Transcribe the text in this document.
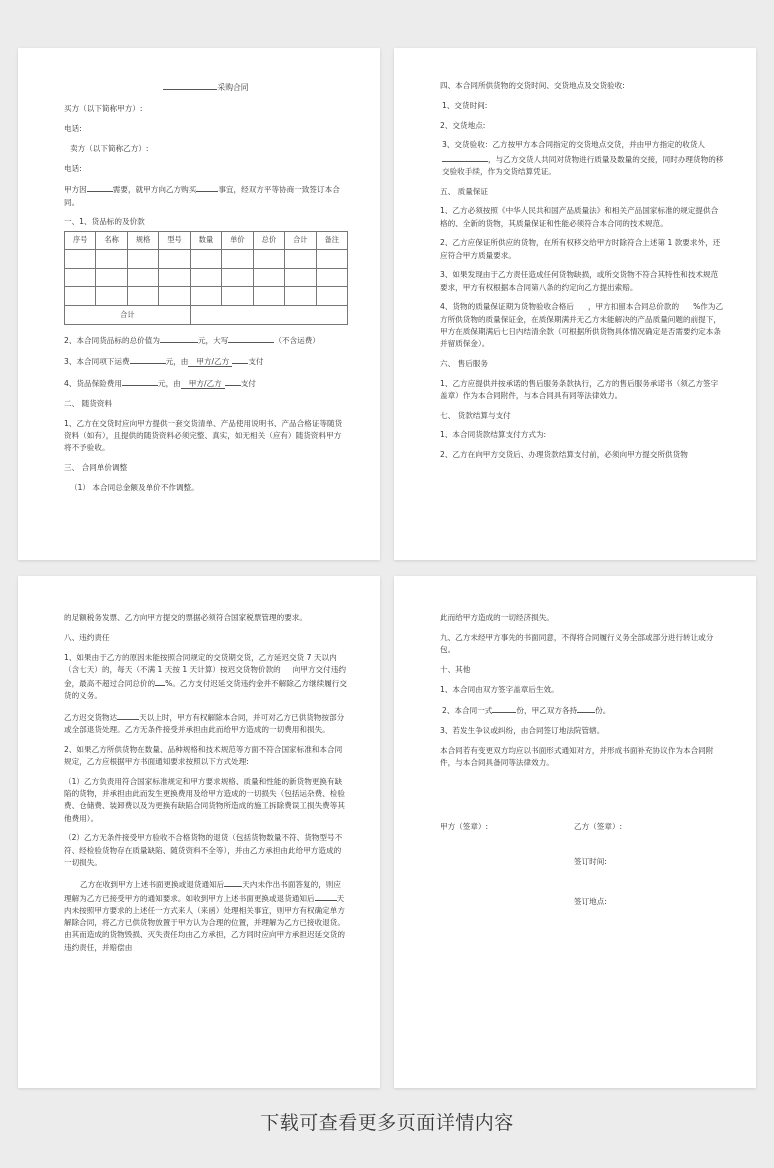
采购合同
买方（以下简称甲方）:
电话:
卖方（以下简称乙方）:
电话:
甲方因	需要，就甲方向乙方购买	事宜，经双方平等协商一致签订本合同。
一、1、货品标的及价款
序号	名称	规格	型号	数量	单价	总价	合计	备注

合计								
2、本合同货品标的总价值为	元，大写	（不含运费）
3、本合同项下运费	元，由 甲方/乙方	支付
4、货品保险费用	元，由 甲方/乙方	支付
二、 随货资料
1、乙方在交货时应向甲方提供一套交货清单、产品使用说明书、产品合格证等随货资料（如有），且提供的随货资料必须完整、真实，如无相关（应有）随货资料甲方将不予验收。
三、 合同单价调整
（1） 本合同总金额及单价不作调整。
四、本合同所供货物的交货时间、交货地点及交货验收:
1、交货时间:
2、交货地点:
3、交货验收：乙方按甲方本合同指定的交货地点交货，并由甲方指定的收货人，与乙方交货人共同对货物进行质量及数量的交接，同时办理货物的移交验收手续，作为交货结算凭证。
五、 质量保证
1、乙方必须按照《中华人民共和国产品质量法》和相关产品国家标准的规定提供合格的、全新的货物，其质量保证和性能必须符合本合同的技术规范。
2、乙方应保证所供应的货物，在所有权移交给甲方时除符合上述第 1 款要求外，还应符合甲方质量要求。
3、如果发现由于乙方责任造成任何货物缺损，或所交货物不符合其特性和技术规范要求，甲方有权根据本合同第八条的约定向乙方提出索赔。
4、货物的质量保证期为货物验收合格后 ，甲方扣留本合同总价款的 %作为乙方所供货物的质量保证金，在质保期满并无乙方未能解决的产品质量问题的前提下，甲方在质保期满后七日内结清余款（可根据所供货物具体情况确定是否需要约定本条并留质保金）。
六、 售后服务
1、乙方应提供并按承诺的售后服务条款执行，乙方的售后服务承诺书（须乙方签字盖章）作为本合同附件，与本合同具有同等法律效力。
七、 货款结算与支付
1、本合同货款结算支付方式为:
2、乙方在向甲方交货后、办理货款结算支付前，必须向甲方提交所供货物
的足额税务发票、乙方向甲方提交的票据必须符合国家税票管理的要求。
八、违约责任
1、如果由于乙方的原因未能按照合同规定的交货期交货，乙方延迟交货 7 天以内（含七天）的，每天（不满 1 天按 1 天计算）按迟交货物价款的 向甲方交付违约金，最高不超过合同总价的 %。乙方支付迟延交货违约金并不解除乙方继续履行交货的义务。
乙方迟交货物达	天以上时，甲方有权解除本合同，并可对乙方已供货物按部分或全部退货处理。乙方无条件接受并承担由此而给甲方造成的一切费用和损失。
2、如果乙方所供货物在数量、品种规格和技术规范等方面不符合国家标准和本合同规定，乙方应根据甲方书面通知要求按照以下方式处理:
（1）乙方负责用符合国家标准规定和甲方要求规格、质量和性能的新货物更换有缺陷的货物，并承担由此而发生更换费用及给甲方造成的一切损失（包括运杂费、检验费、仓储费、装卸费以及为更换有缺陷合同货物所造成的施工拆除费误工损失费等其他费用）。
（2）乙方无条件接受甲方验收不合格货物的退货（包括货物数量不符、货物型号不符、经检验货物存在质量缺陷、随货资料不全等），并由乙方承担由此给甲方造成的一切损失。
乙方在收到甲方上述书面更换或退货通知后 天内未作出书面答复的，则应理解为乙方已接受甲方的通知要求。如收到甲方上述书面更换或退货通知后	天内未按照甲方要求的上述任一方式来人（来函）处理相关事宜，则甲方有权确定单方解除合同，将乙方已供货物放置于甲方认为合理的位置，并理解为乙方已接收退货。由其而造成的货物毁损、灭失责任均由乙方承担，乙方同时应向甲方承担迟延交货的违约责任，并赔偿由
此而给甲方造成的一切经济损失。
九、乙方未经甲方事先的书面同意，不得将合同履行义务全部或部分进行转让或分包。
十、其他
1、本合同由双方签字盖章后生效。
2、本合同一式	份，甲乙双方各持 份。
3、若发生争议或纠纷，由合同签订地法院管辖。
本合同若有变更双方均应以书面形式通知对方，并形成书面补充协议作为本合同附件，与本合同具备同等法律效力。
甲方（签章）:	乙方（签章）:
签订时间:
签订地点:
下载可查看更多页面详情内容
